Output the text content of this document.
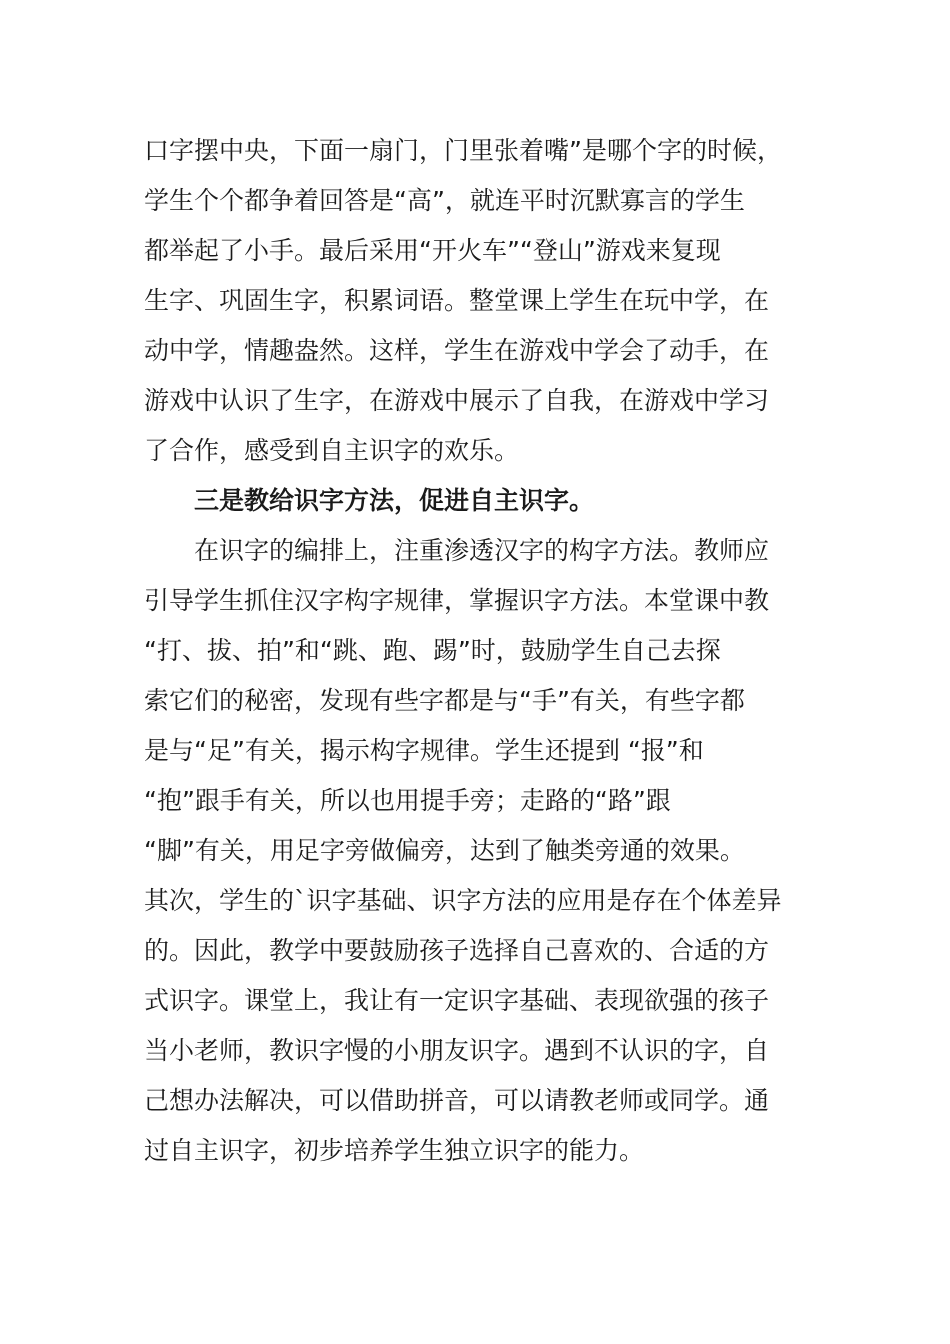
口字摆中央，下面一扇门，门里张着嘴”是哪个字的时候，
学生个个都争着回答是“高”，就连平时沉默寡言的学生
都举起了小手。最后采用“开火车”“登山”游戏来复现
生字、巩固生字，积累词语。整堂课上学生在玩中学，在
动中学，情趣盎然。这样，学生在游戏中学会了动手，在
游戏中认识了生字，在游戏中展示了自我，在游戏中学习
了合作，感受到自主识字的欢乐。
三是教给识字方法，促进自主识字。
在识字的编排上，注重渗透汉字的构字方法。教师应
引导学生抓住汉字构字规律，掌握识字方法。本堂课中教
“打、拔、拍”和“跳、跑、踢”时，鼓励学生自己去探
索它们的秘密，发现有些字都是与“手”有关，有些字都
是与“足”有关，揭示构字规律。学生还提到 “报”和
“抱”跟手有关，所以也用提手旁；走路的“路”跟
“脚”有关，用足字旁做偏旁，达到了触类旁通的效果。
其次，学生的`识字基础、识字方法的应用是存在个体差异
的。因此，教学中要鼓励孩子选择自己喜欢的、合适的方
式识字。课堂上，我让有一定识字基础、表现欲强的孩子
当小老师，教识字慢的小朋友识字。遇到不认识的字，自
己想办法解决，可以借助拼音，可以请教老师或同学。通
过自主识字，初步培养学生独立识字的能力。
